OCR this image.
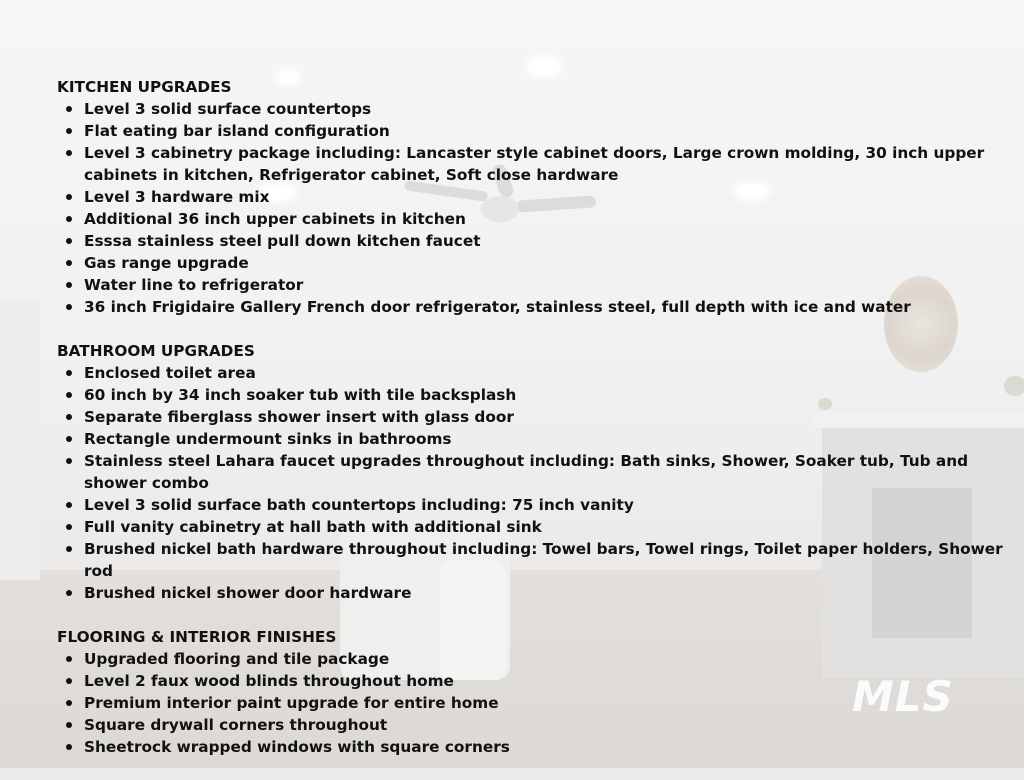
MLS
KITCHEN UPGRADES
Level 3 solid surface countertops
Flat eating bar island configuration
Level 3 cabinetry package including: Lancaster style cabinet doors, Large crown molding, 30 inch upper cabinets in kitchen, Refrigerator cabinet, Soft close hardware
Level 3 hardware mix
Additional 36 inch upper cabinets in kitchen
Esssa stainless steel pull down kitchen faucet
Gas range upgrade
Water line to refrigerator
36 inch Frigidaire Gallery French door refrigerator, stainless steel, full depth with ice and water
BATHROOM UPGRADES
Enclosed toilet area
60 inch by 34 inch soaker tub with tile backsplash
Separate fiberglass shower insert with glass door
Rectangle undermount sinks in bathrooms
Stainless steel Lahara faucet upgrades throughout including: Bath sinks, Shower, Soaker tub, Tub and shower combo
Level 3 solid surface bath countertops including: 75 inch vanity
Full vanity cabinetry at hall bath with additional sink
Brushed nickel bath hardware throughout including: Towel bars, Towel rings, Toilet paper holders, Shower rod
Brushed nickel shower door hardware
FLOORING & INTERIOR FINISHES
Upgraded flooring and tile package
Level 2 faux wood blinds throughout home
Premium interior paint upgrade for entire home
Square drywall corners throughout
Sheetrock wrapped windows with square corners
